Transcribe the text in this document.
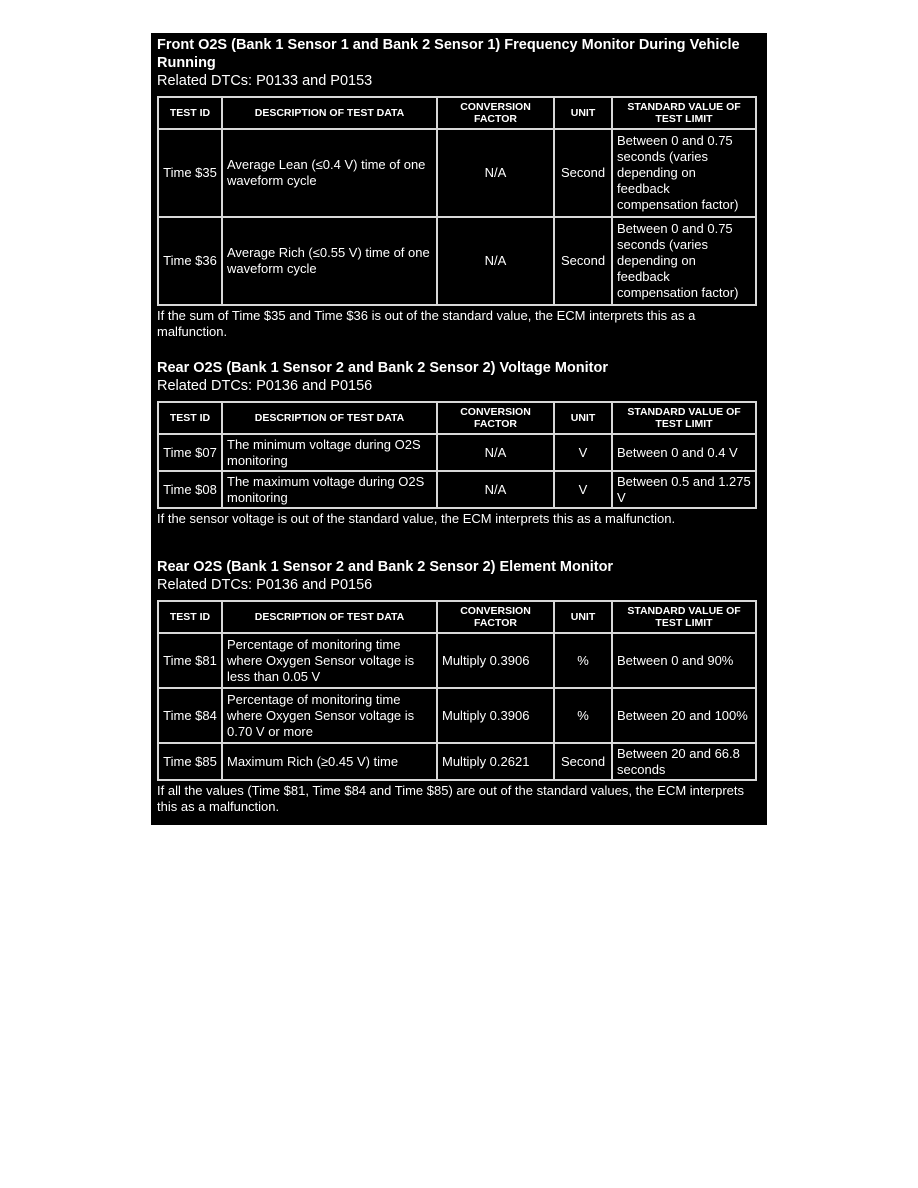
Front O2S (Bank 1 Sensor 1 and Bank 2 Sensor 1) Frequency Monitor During Vehicle Running

Related DTCs: P0133 and P0153

TEST ID	DESCRIPTION OF TEST DATA	CONVERSION FACTOR	UNIT	STANDARD VALUE OF TEST LIMIT
Time $35	Average Lean (≤0.4 V) time of one waveform cycle	N/A	Second	Between 0 and 0.75 seconds (varies depending on feedback compensation factor)
Time $36	Average Rich (≤0.55 V) time of one waveform cycle	N/A	Second	Between 0 and 0.75 seconds (varies depending on feedback compensation factor)

If the sum of Time $35 and Time $36 is out of the standard value, the ECM interprets this as a malfunction.

Rear O2S (Bank 1 Sensor 2 and Bank 2 Sensor 2) Voltage Monitor

Related DTCs: P0136 and P0156

TEST ID	DESCRIPTION OF TEST DATA	CONVERSION FACTOR	UNIT	STANDARD VALUE OF TEST LIMIT
Time $07	The minimum voltage during O2S monitoring	N/A	V	Between 0 and 0.4 V
Time $08	The maximum voltage during O2S monitoring	N/A	V	Between 0.5 and 1.275 V

If the sensor voltage is out of the standard value, the ECM interprets this as a malfunction.

Rear O2S (Bank 1 Sensor 2 and Bank 2 Sensor 2) Element Monitor

Related DTCs: P0136 and P0156

TEST ID	DESCRIPTION OF TEST DATA	CONVERSION FACTOR	UNIT	STANDARD VALUE OF TEST LIMIT
Time $81	Percentage of monitoring time where Oxygen Sensor voltage is less than 0.05 V	Multiply 0.3906	%	Between 0 and 90%
Time $84	Percentage of monitoring time where Oxygen Sensor voltage is 0.70 V or more	Multiply 0.3906	%	Between 20 and 100%
Time $85	Maximum Rich (≥0.45 V) time	Multiply 0.2621	Second	Between 20 and 66.8 seconds

If all the values (Time $81, Time $84 and Time $85) are out of the standard values, the ECM interprets this as a malfunction.
